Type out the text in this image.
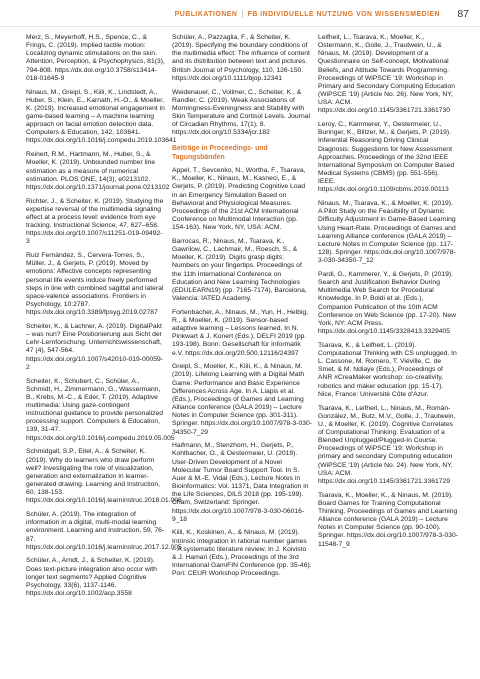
PUBLIKATIONEN | FB INDIVIDUELLE NUTZUNG VON WISSENSMEDIEN 87

Merz, S., Meyerhoff, H.S., Spence, C., & Frings, C. (2019). Implied tactile motion: Localizing dynamic stimulations on the skin. Attention, Perception, & Psychophysics, 81(3), 794-808. https://dx.doi.org/10.3758/s13414-018-01645-9

Ninaus, M., Greipl, S., Kiili, K., Lindstedt, A., Huber, S., Klein, E., Karnath, H.-O., & Moeller, K. (2019). Increased emotional engagement in game-based learning – A machine learning approach on facial emotion detection data. Computers & Education, 142, 103641. https://dx.doi.org/10.1016/j.compedu.2019.103641

Reinert, R.M., Hartmann, M., Huber, S., & Moeller, K. (2019). Unbounded number line estimation as a measure of numerical estimation. PLOS ONE, 14(3), e0213102. https://dx.doi.org/10.1371/journal.pone.0213102

Richter, J., & Scheiter, K. (2019). Studying the expertise reversal of the multimedia signaling effect at a process level: evidence from eye tracking. Instructional Science, 47, 627–658. https://dx.doi.org/10.1007/s11251-019-09492-3

Ruiz Fernández, S., Cervera-Torres, S., Müller, J., & Gerjets, P. (2019). Moved by emotions: Affective concepts representing personal life events induce freely performed steps in line with combined sagittal and lateral space-valence associations. Frontiers in Psychology, 10:2787. https://dx.doi.org/10.3389/fpsyg.2019.02787

Scheiter, K., & Lachner, A. (2019). DigitalPakt – was nun? Eine Positionierung aus Sicht der Lehr-Lernforschung. Unterrichtswissenschaft, 47 (4), 547-564. https://dx.doi.org/10.1007/s42010-019-00059-2

Scheiter, K., Schubert, C., Schüler, A., Schmidt, H., Zimmermann, G., Wassermann, B., Krebs, M.-C., & Eder, T. (2019). Adaptive multimedia: Using gaze-contingent instructional guidance to provide personalized processing support. Computers & Education, 139, 31-47. https://dx.doi.org/10.1016/j.compedu.2019.05.005

Schmidgall, S.P., Eitel, A., & Scheiter, K. (2019). Why do learners who draw perform well? Investigating the role of visualization, generation and externalization in learner-generated drawing. Learning and Instruction, 60, 138-153. https://dx.doi.org/10.1016/j.learninstruc.2018.01.006

Schüler, A. (2019). The integration of information in a digital, multi-modal learning environment. Learning and Instruction, 59, 76-87. https://dx.doi.org/10.1016/j.learninstruc.2017.12.005

Schüler, A., Arndt, J., & Scheiter, K. (2019). Does text-picture integration also occur with longer text segments? Applied Cognitive Psychology, 33(6), 1137-1146. https://dx.doi.org/10.1002/acp.3558

Schüler, A., Pazzaglia, F., & Scheiter, K. (2019). Specifying the boundary conditions of the multimedia effect: The influence of content and its distribution between text and pictures. British Journal of Psychology, 110, 126-150. https://dx.doi.org/10.1111/bjop.12341

Weidenauer, C., Vollmer, C., Scheiter, K., & Randler, C. (2019). Weak Associations of Morningness-Eveningness and Stability with Skin Temperature and Cortisol Levels. Journal of Circadian Rhythms, 17(1), 8. https://dx.doi.org/10.5334/jcr.182

Beiträge in Proceedings- und Tagungsbänden

Appel, T., Sevcenko, N., Wortha, F., Tsarava, K., Moeller, K., Ninaus, M., Kasneci, E., & Gerjets, P. (2019). Predicting Cognitive Load in an Emergency Simulation Based on Behavioral and Physiological Measures. Proceedings of the 21st ACM International Conference on Multimodal Interaction (pp. 154-163). New York, NY, USA: ACM.

Barrocas, R., Ninaus, M., Tsarava, K., Gawrilow, C., Lachmair, M., Roesch, S., & Moeller, K. (2019). Digits grasp digits: Numbers on your fingertips. Proceedings of the 11th International Conference on Education and New Learning Technologies (EDULEARN19) (pp. 7165-7174), Barcelona, Valencia: IATED Academy.

Fortenbacher, A., Ninaus, M., Yun, H., Helbig, R., & Moeller, K. (2019). Sensor-based adaptive learning – Lessons learned. In N. Pinkwart & J. Konert (Eds.), DELFI 2019 (pp. 193-198). Bonn: Gesellschaft für Informatik e.V. https://dx.doi.org/20.500.12116/24397

Greipl, S., Moeller, K., Kiili, K., & Ninaus, M. (2019). Lifelong Learning with a Digital Math Game: Performance and Basic Experience Differences Across Age. In A. Liapis et al. (Eds.), Proceedings of Games and Learning Alliance conference (GALA 2019) – Lecture Notes in Computer Science (pp. 301-311). Springer. https://dx.doi.org/10.1007/978-3-030-34350-7_29

Haifmann, M., Stenzhorn, H., Gerjets, P., Kohlbacher, O., & Oestermeier, U. (2019). User-Driven Development of a Novel Molecular Tumor Board Support Tool. In S. Auer & M.-E. Vidal (Eds.), Lecture Notes in Bioinformatics: Vol. 11371, Data Integration in the Life Sciences, DILS 2018 (pp. 195-199). Cham, Switzerland: Springer. https://dx.doi.org/10.1007/978-3-030-06016-9_18

Kiili, K., Koskinen, A., & Ninaus, M. (2019). Intrinsic integration in rational number games – A systematic literature review. In J. Koivisto & J. Hamari (Eds.), Proceedings of the 3rd International GamiFIN Conference (pp. 35-46). Pori: CEUR Workshop Proceedings.

Leifheit, L., Tsarava, K., Moeller, K., Ostermann, K., Golle, J., Trautwein, U., & Ninaus, M. (2019). Development of a Questionnaire on Self-concept, Motivational Beliefs, and Attitude Towards Programming. Proceedings of WiPSCE '19: Workshop in Primary and Secondary Computing Education (WiPSCE '19) (Article No. 26). New York, NY, USA: ACM. https://dx.doi.org/10.1145/3361721.3361730

Leroy, C., Kammerer, Y., Oestermeier, U., Buringer, K., Blitzer, M., & Gerjets, P. (2019). Inferential Reasoning Driving Clinical Diagnosis: Suggestions for New Assessment Approaches. Proceedings of the 32nd IEEE International Symposium on Computer Based Medical Systems (CBMS) (pp. 551-556). IEEE. https://dx.doi.org/10.1109/cbms.2019.00113

Ninaus, M., Tsarava, K., & Moeller, K. (2019). A Pilot Study on the Feasibility of Dynamic Difficulty Adjustment in Game-Based Learning Using Heart-Rate. Proceedings of Games and Learning Alliance conference (GALA 2019) – Lecture Notes in Computer Science (pp. 117-128). Springer. https://dx.doi.org/10.1007/978-3-030-34350-7_12

Pardi, G., Kammerer, Y., & Gerjets, P. (2019). Search and Justification Behavior During Multimedia Web Search for Procedural Knowledge. In P. Boldi et al. (Eds.), Companion Publication of the 10th ACM Conference on Web Science (pp. 17-20). New York, NY: ACM Press. https://dx.doi.org/10.1145/3328413.3329405

Tsarava, K., & Leifheit, L. (2019). Computational Thinking with CS unplugged. In L. Cassone, M. Romero, T. Viéville, C. de Smet, & M. Ndiaye (Eds.), Proceedings of ANR #CreaMaker workshop: co-creativity, robotics and maker education (pp. 15-17). Nice, France: Université Côte d'Azur.

Tsarava, K., Leifheit, L., Ninaus, M., Román-González, M., Butz, M.V., Golle, J., Trautwein, U., & Moeller, K. (2019). Cognitive Correlates of Computational Thinking: Evaluation of a Blended Unplugged/Plugged-In Course. Proceedings of WiPSCE '19: Workshop in primary and secondary Computing education (WiPSCE '19) (Article No. 24). New York, NY, USA: ACM. https://dx.doi.org/10.1145/3361721.3361729

Tsarava, K., Moeller, K., & Ninaus, M. (2019). Board Games for Training Computational Thinking. Proceedings of Games and Learning Alliance conference (GALA 2019) – Lecture Notes in Computer Science (pp. 90-100). Springer. https://dx.doi.org/10.1007/978-3-030-11548-7_9
